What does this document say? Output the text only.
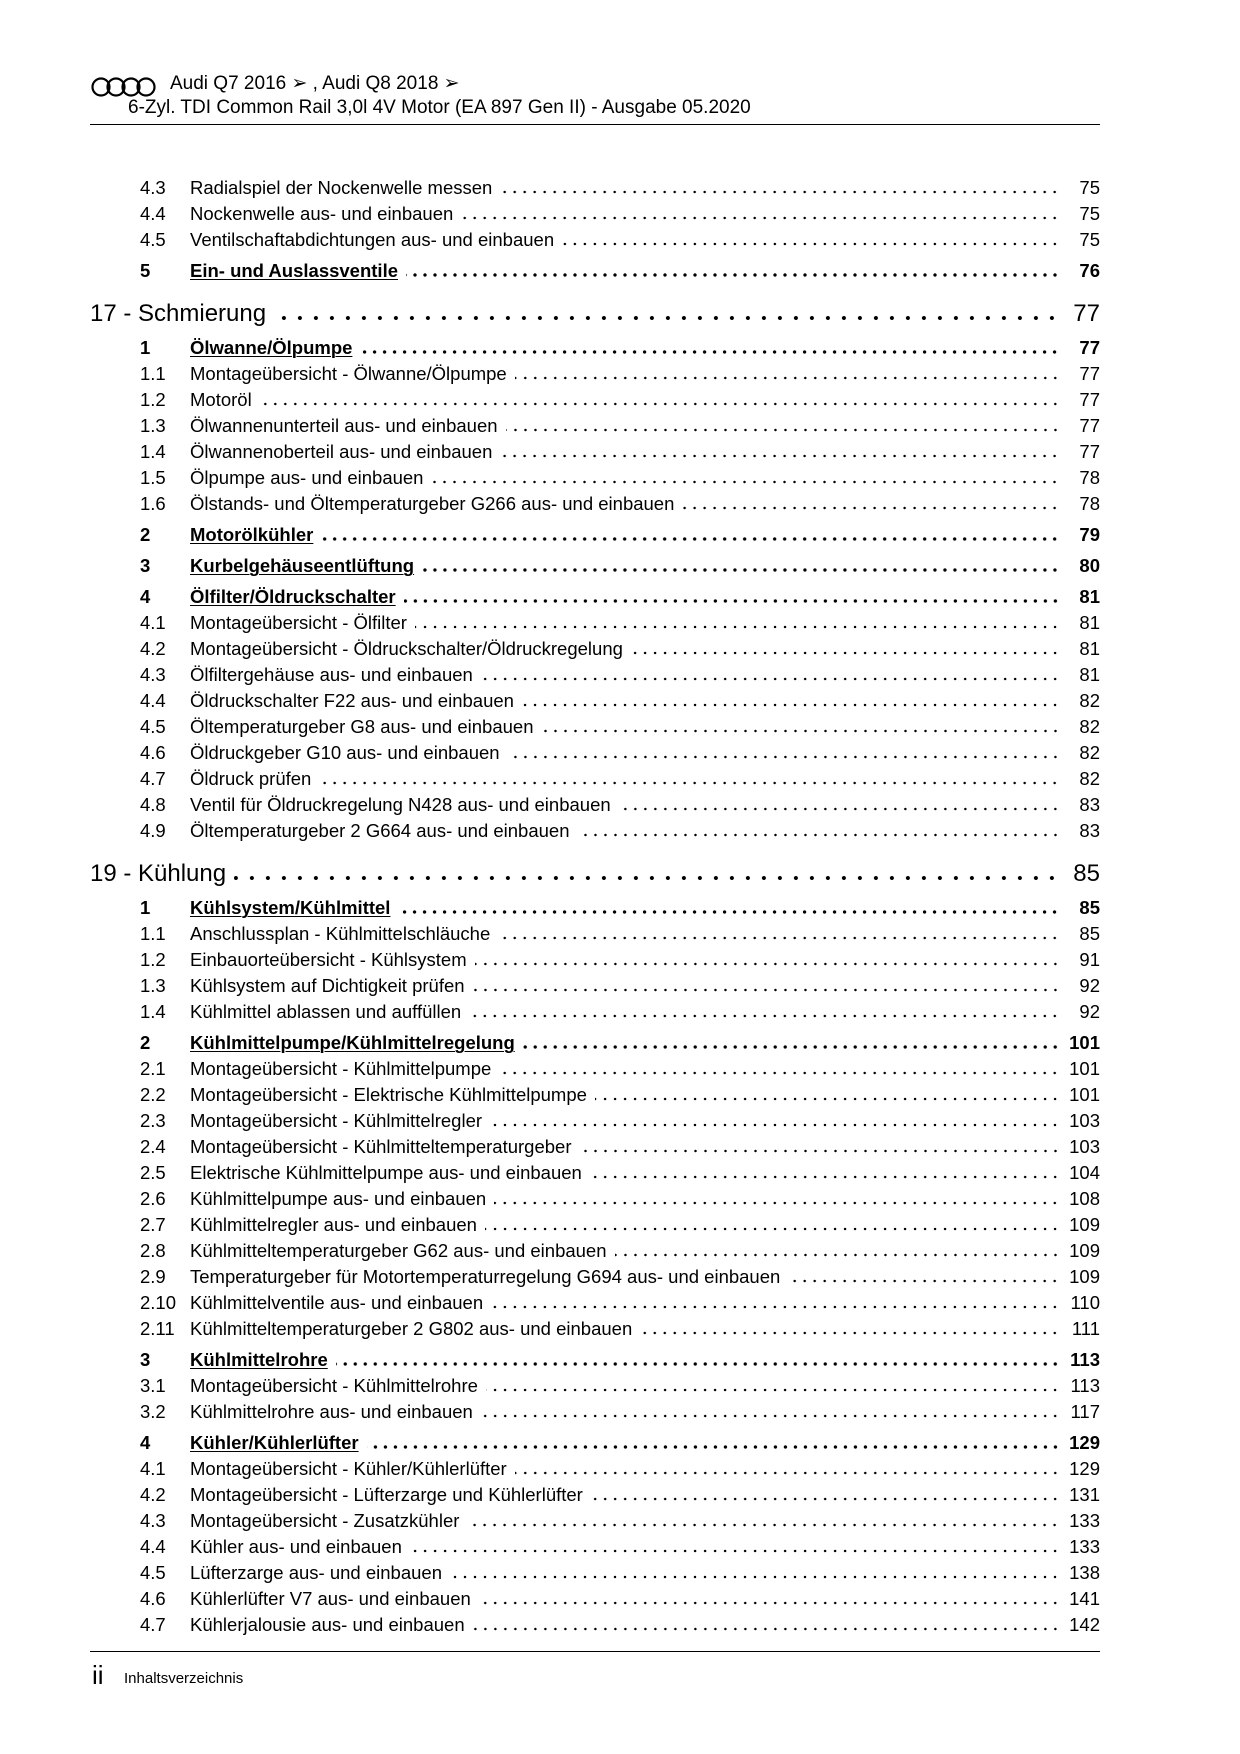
Audi Q7 2016 ➢ , Audi Q8 2018 ➢
6-Zyl. TDI Common Rail 3,0l 4V Motor (EA 897 Gen II) - Ausgabe 05.2020
4.3	Radialspiel der Nockenwelle messen	75
4.4	Nockenwelle aus- und einbauen	75
4.5	Ventilschaftabdichtungen aus- und einbauen	75
5	Ein- und Auslassventile	76
17 - Schmierung	77
1	Ölwanne/Ölpumpe	77
1.1	Montageübersicht - Ölwanne/Ölpumpe	77
1.2	Motoröl	77
1.3	Ölwannenunterteil aus- und einbauen	77
1.4	Ölwannenoberteil aus- und einbauen	77
1.5	Ölpumpe aus- und einbauen	78
1.6	Ölstands- und Öltemperaturgeber G266 aus- und einbauen	78
2	Motorölkühler	79
3	Kurbelgehäuseentlüftung	80
4	Ölfilter/Öldruckschalter	81
4.1	Montageübersicht - Ölfilter	81
4.2	Montageübersicht - Öldruckschalter/Öldruckregelung	81
4.3	Ölfiltergehäuse aus- und einbauen	81
4.4	Öldruckschalter F22 aus- und einbauen	82
4.5	Öltemperaturgeber G8 aus- und einbauen	82
4.6	Öldruckgeber G10 aus- und einbauen	82
4.7	Öldruck prüfen	82
4.8	Ventil für Öldruckregelung N428 aus- und einbauen	83
4.9	Öltemperaturgeber 2 G664 aus- und einbauen	83
19 - Kühlung	85
1	Kühlsystem/Kühlmittel	85
1.1	Anschlussplan - Kühlmittelschläuche	85
1.2	Einbauorteübersicht - Kühlsystem	91
1.3	Kühlsystem auf Dichtigkeit prüfen	92
1.4	Kühlmittel ablassen und auffüllen	92
2	Kühlmittelpumpe/Kühlmittelregelung	101
2.1	Montageübersicht - Kühlmittelpumpe	101
2.2	Montageübersicht - Elektrische Kühlmittelpumpe	101
2.3	Montageübersicht - Kühlmittelregler	103
2.4	Montageübersicht - Kühlmitteltemperaturgeber	103
2.5	Elektrische Kühlmittelpumpe aus- und einbauen	104
2.6	Kühlmittelpumpe aus- und einbauen	108
2.7	Kühlmittelregler aus- und einbauen	109
2.8	Kühlmitteltemperaturgeber G62 aus- und einbauen	109
2.9	Temperaturgeber für Motortemperaturregelung G694 aus- und einbauen	109
2.10 Kühlmittelventile aus- und einbauen	110
2.11 Kühlmitteltemperaturgeber 2 G802 aus- und einbauen	111
3	Kühlmittelrohre	113
3.1	Montageübersicht - Kühlmittelrohre	113
3.2	Kühlmittelrohre aus- und einbauen	117
4	Kühler/Kühlerlüfter	129
4.1	Montageübersicht - Kühler/Kühlerlüfter	129
4.2	Montageübersicht - Lüfterzarge und Kühlerlüfter	131
4.3	Montageübersicht - Zusatzkühler	133
4.4	Kühler aus- und einbauen	133
4.5	Lüfterzarge aus- und einbauen	138
4.6	Kühlerlüfter V7 aus- und einbauen	141
4.7	Kühlerjalousie aus- und einbauen	142
ii Inhaltsverzeichnis
